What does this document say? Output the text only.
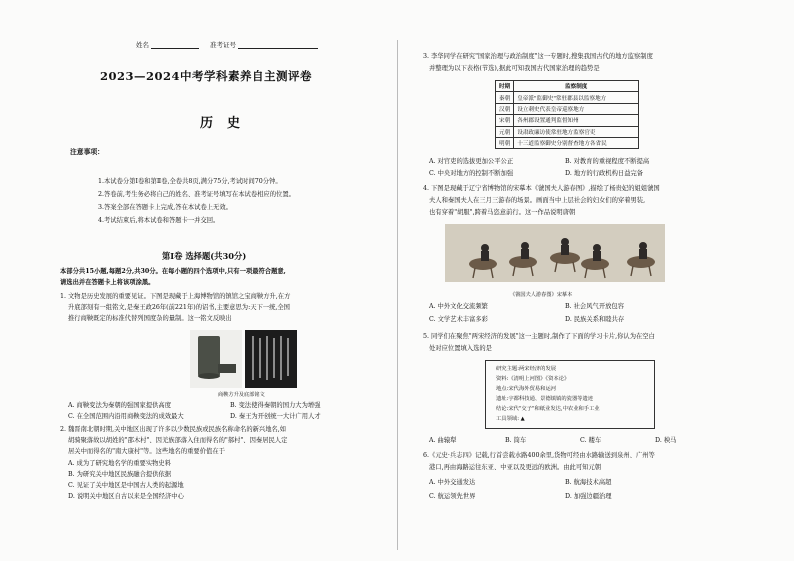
姓名	准考证号
2023—2024中考学科素养自主测评卷
历史
注意事项：
1.本试卷分第Ⅰ卷和第Ⅱ卷,全卷共8页,满分75分,考试时间70分钟。
2.答卷前,考生务必将自己的姓名、准考证号填写在本试卷相应的位置。
3.答案全部在答题卡上完成,答在本试卷上无效。
4.考试结束后,将本试卷和答题卡一并交回。
第Ⅰ卷 选择题(共30分)
本部分共15小题,每题2分,共30分。在每小题的四个选项中,只有一项最符合题意,
请选出并在答题卡上将该项涂黑。
1. 文物是历史发展的重要见证。下图是现藏于上海博物馆的镇馆之宝商鞅方升,在方
升底部刻有一组铭文,是秦王政26年(前221年)的诏书,主要意思为:天下一统,全国
推行商鞅既定的标准代替列国度杂的量制。这一铭文反映出
商鞅方升及底部铭文
A. 商鞅变法为秦朝的强国家提供高度	B. 变法使得秦朝的国力大为增强
C. 在全国范围内沿用商鞅变法的成效最大	D. 秦王为开创统一大计广用人才
2. 魏晋南北朝时期,关中地区出现了许多以少数民族或民族名称命名的新兴地名,如
胡骑聚落故以胡姓的"邵木村"、因羌族部落入住而得名的"郝村"、因秦居民人定
居关中而得名的"南大康村"等。这些地名的重要价值在于
A. 成为了研究地名学的重要实物史料
B. 为研究关中地区民族融合提供依据
C. 见证了关中地区是中国古人类的起源地
D. 说明关中地区自古以来是全国经济中心
3. 李华同学在研究"国家治理与政治制度"这一专题时,搜集我国古代的地方监察制度
并整理为以下表格(节选),据此可知我国古代国家治理的趋势是
时期	监察制度
秦朝	皇帝派"监御史"常驻郡县以监察地方
汉朝	设立刺史代表皇帝巡察地方
宋朝	各州郡设置通判监督知州
元朝	设肃政廉访使常驻地方监察官吏
明朝	十三道监察御史分别督查地方各省民
A. 对官吏的选拔更加公平公正	B. 对教育的重视程度不断提高
C. 中央对地方的控制不断加强	D. 地方的行政机构日益完备
4. 下图是现藏于辽宁省博物馆的宋摹本《虢国夫人游春图》,描绘了杨贵妃的姐姐虢国
夫人和秦国夫人在三月三游春的场景。画面当中上层社会的妇女们的穿着男装,
也有穿着"胡服",跨着马恣意前行。这一作品说明唐朝
《虢国夫人游春图》宋摹本
A. 中外文化交流频繁	B. 社会风气开放包容
C. 文学艺术丰富多彩	D. 民族关系和睦共存
5. 同学们在聚焦"两宋经济的发展"这一主题时,制作了下面的学习卡片,你认为在空白
处对应位置填入选的是
研究主题:两宋经济的发展
资料:《清明上河图》《资本论》
地点:宋代海外贸易和运河
遗址:宇都科技通、景德镇镇的瓷器等遗迹
结论:宋代"交子"和纸业发达,中农业和手工业
工具领域: ▲
A. 曲辕犁	B. 筒车	C. 耧车	D. 秧马
6.《元史·兵志四》记载,行首尝载水路400余里,货物可经由水路输送到泉州、广州等
港口,再由海路运往东亚、中亚以及更远的欧洲。由此可知元朝
A. 中外交通发达	B. 航海技术高超
C. 航运领先世界	D. 加强边疆治理
